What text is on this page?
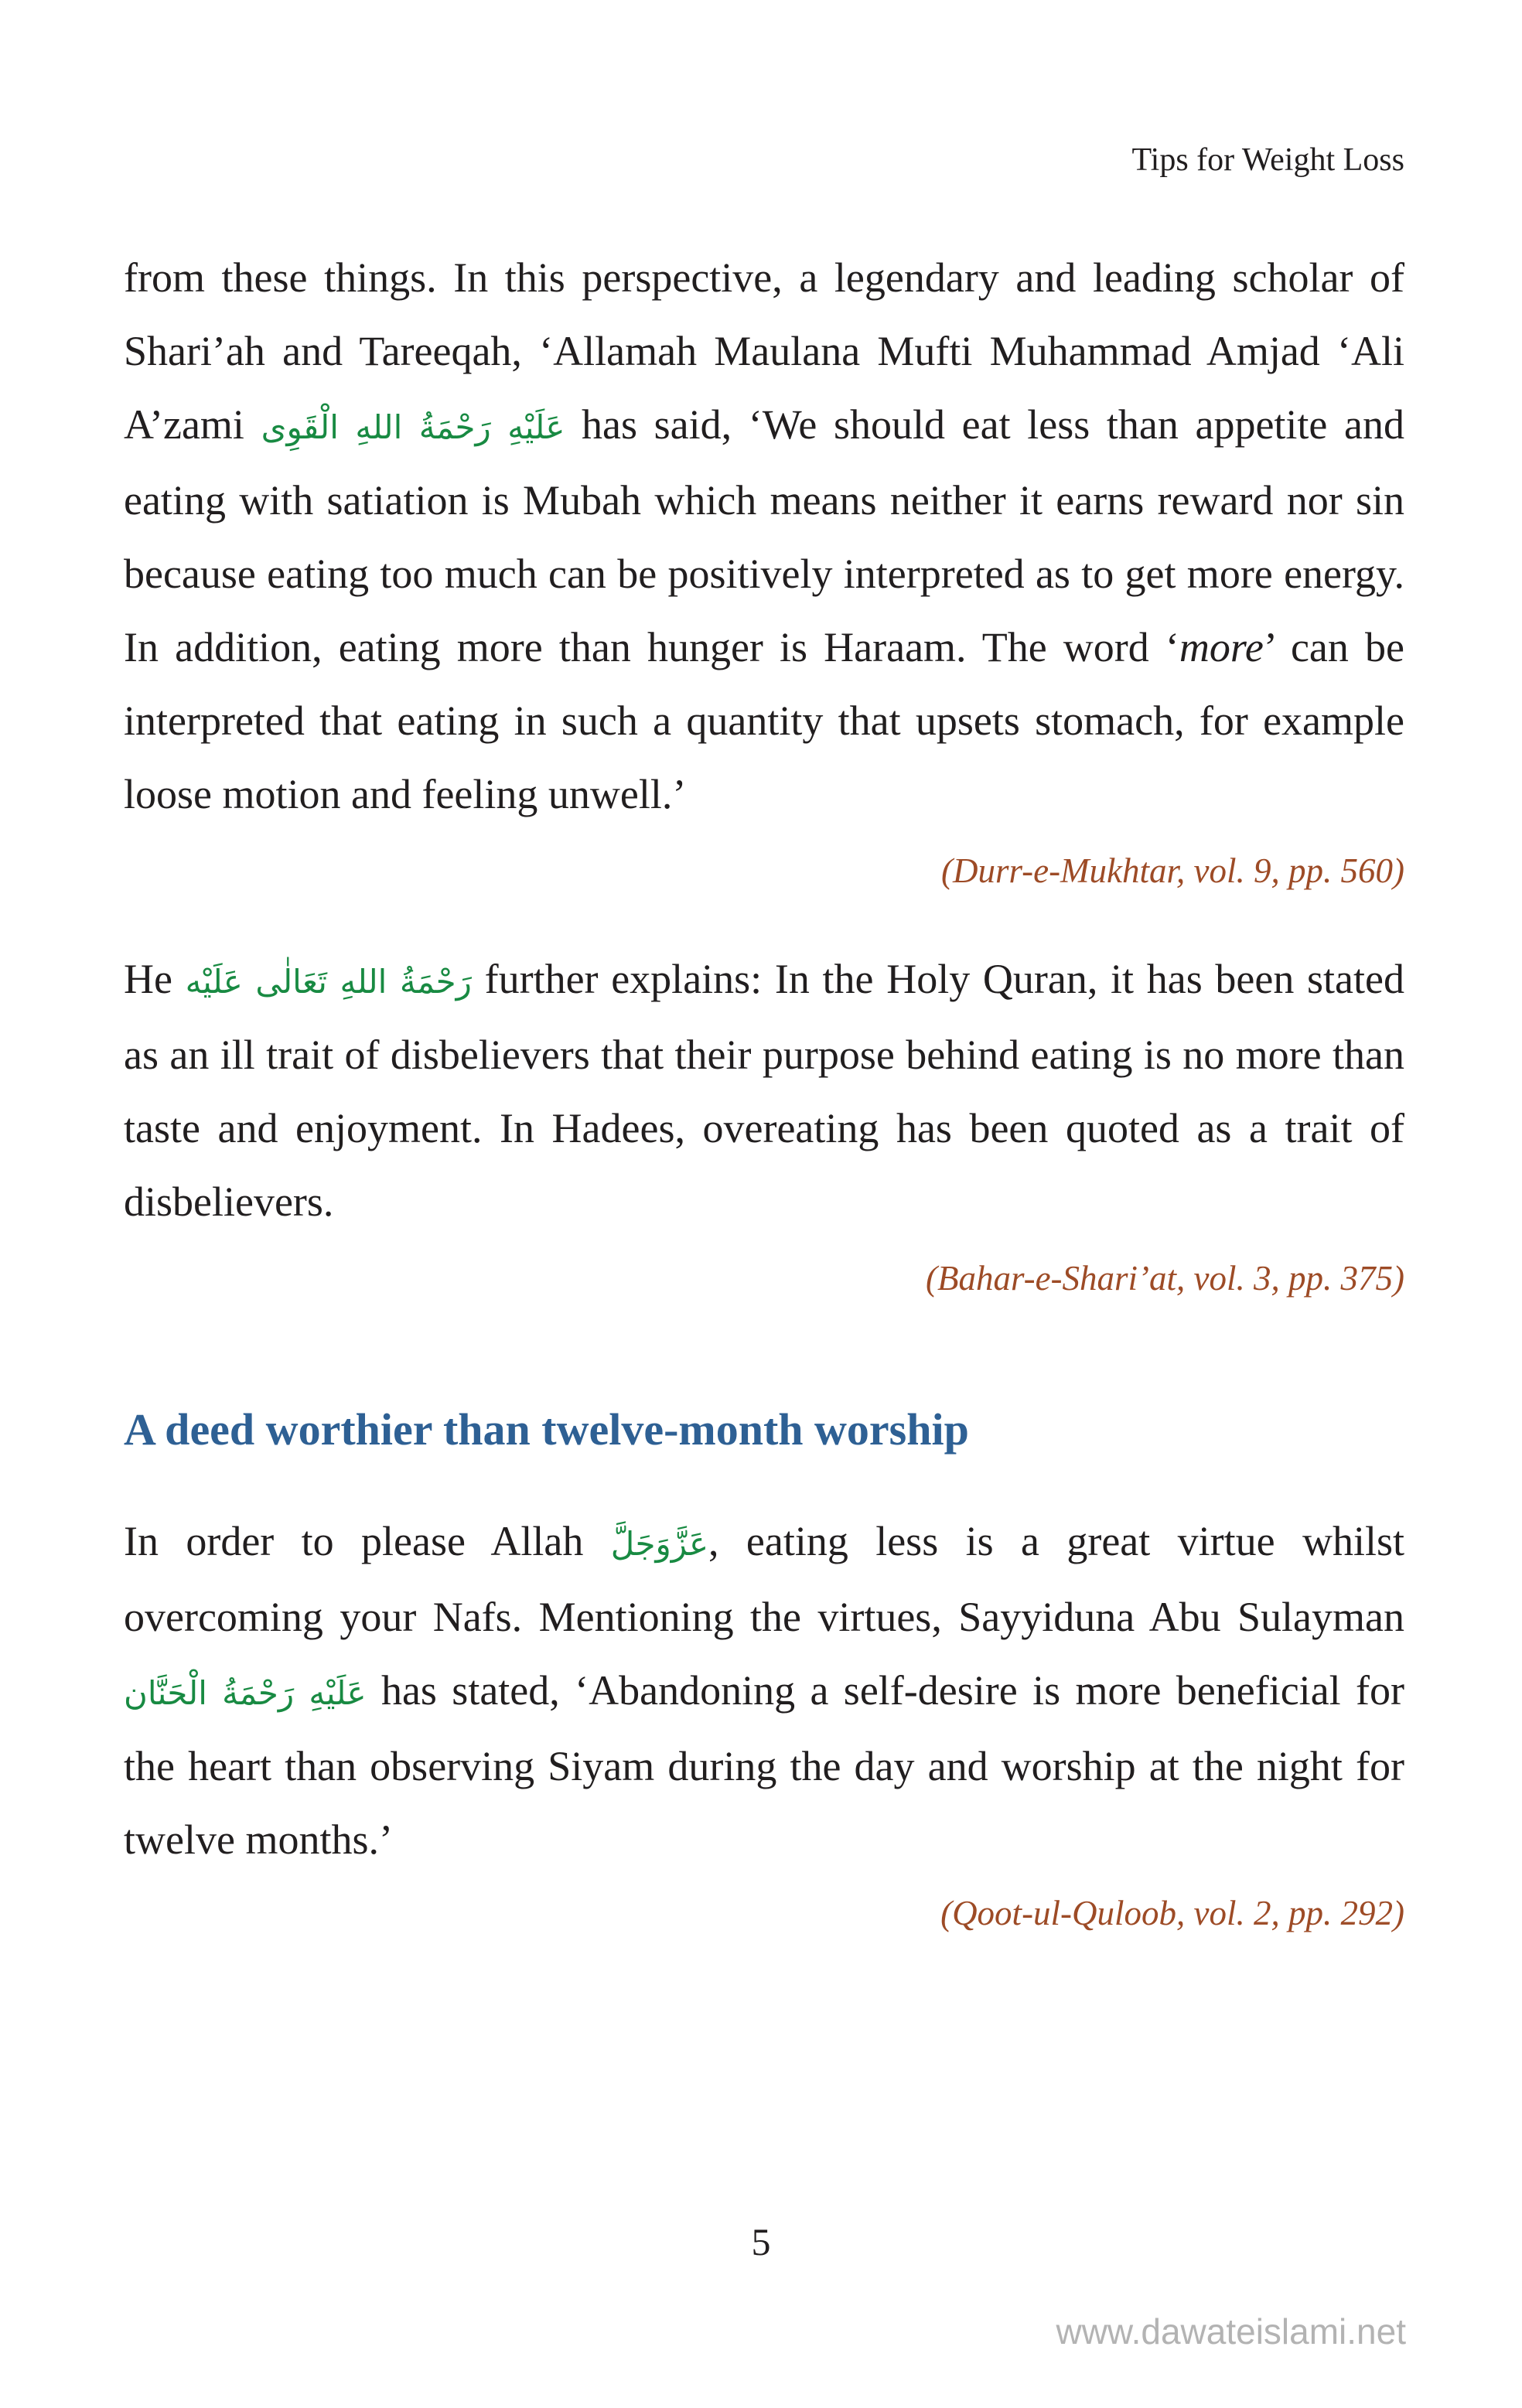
Tips for Weight Loss

from these things. In this perspective, a legendary and leading scholar of Shari’ah and Tareeqah, ‘Allamah Maulana Mufti Muhammad Amjad ‘Ali A’zami عَلَيْهِ رَحْمَةُ اللهِ الْقَوِی has said, ‘We should eat less than appetite and eating with satiation is Mubah which means neither it earns reward nor sin because eating too much can be positively interpreted as to get more energy. In addition, eating more than hunger is Haraam. The word ‘more’ can be interpreted that eating in such a quantity that upsets stomach, for example loose motion and feeling unwell.’

(Durr-e-Mukhtar, vol. 9, pp. 560)

He رَحْمَةُ اللهِ تَعَالٰی عَلَيْه further explains: In the Holy Quran, it has been stated as an ill trait of disbelievers that their purpose behind eating is no more than taste and enjoyment. In Hadees, overeating has been quoted as a trait of disbelievers.

(Bahar-e-Shari’at, vol. 3, pp. 375)

A deed worthier than twelve-month worship

In order to please Allah عَزَّوَجَلَّ, eating less is a great virtue whilst overcoming your Nafs. Mentioning the virtues, Sayyiduna Abu Sulayman عَلَيْهِ رَحْمَةُ الْحَنَّان has stated, ‘Abandoning a self-desire is more beneficial for the heart than observing Siyam during the day and worship at the night for twelve months.’

(Qoot-ul-Quloob, vol. 2, pp. 292)

5
www.dawateislami.net
